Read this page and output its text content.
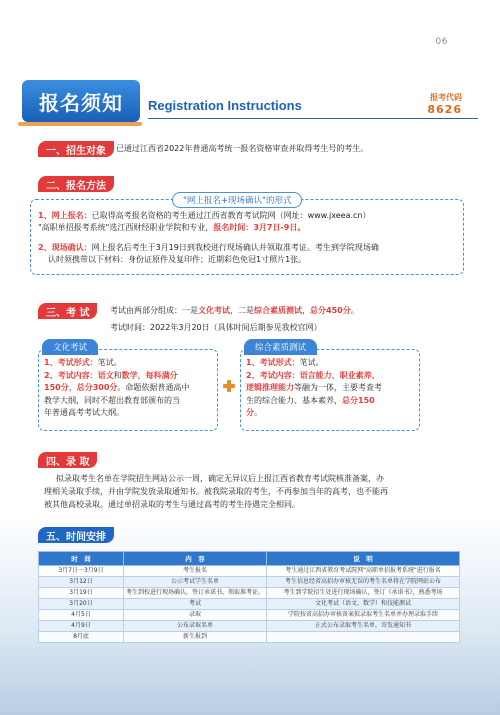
06
报名须知	Registration Instructions
报考代码
8626
一、招生对象	已通过江西省2022年普通高考统一报名资格审查并取得考生号的考生。
二、报名方法
"网上报名+现场确认"的形式
1、网上报名：已取得高考报名资格的考生通过江西省教育考试院网（网址：www.jxeea.cn）
"高职单招报考系统"选江西财经职业学院和专业，报名时间：3月7日-9日。
2、现场确认：网上报名后考生于3月19日到我校进行现场确认并领取准考证。考生到学院现场确
认时须携带以下材料：身份证原件及复印件；近期彩色免冠1寸照片1张。
三、考 试	考试由两部分组成：一是文化考试，二是综合素质测试，总分450分。
考试时间：2022年3月20日（具体时间后期参见我校官网）
文化考试
1、考试形式：笔试。
2、考试内容：语文和数学，每科满分
150分，总分300分。命题依据普通高中
教学大纲，同时不超出教育部颁布的当
年普通高考考试大纲。
综合素质测试
1、考试形式：笔试。
2、考试内容：语言能力、职业素养、
逻辑推理能力等融为一体，主要考查考
生的综合能力、基本素养，总分150
分。
四、录 取
拟录取考生名单在学院招生网站公示一周，确定无异议后上报江西省教育考试院核准备案，办
理相关录取手续，并由学院发放录取通知书。被我院录取的考生，不再参加当年的高考，也不能再
被其他高校录取。通过单招录取的考生与通过高考的考生待遇完全相同。
五、时间安排
时　间	内　容	说　明
3月7日一3月9日	考生报名	考生通过江西省教育考试院网"高职单招报考系统"进行报名
3月12日	公示考试学生名单	考生信息经省高招办审核无误的考生名单将在学院网站公布
3月19日	考生到校进行现场确认，签订承诺书，领取准考证。	考生到学院招生处进行现场确认，签订《承诺书》，熟悉考场
3月20日	考试	文化考试（语文、数学）和技能测试
4月5日	录取	学院按省高招办审核备案拟录取考生名单并办理录取手续
4月9日	公布录取名单	正式公布录取考生名单，寄发通知书
8月底	新生报到	
